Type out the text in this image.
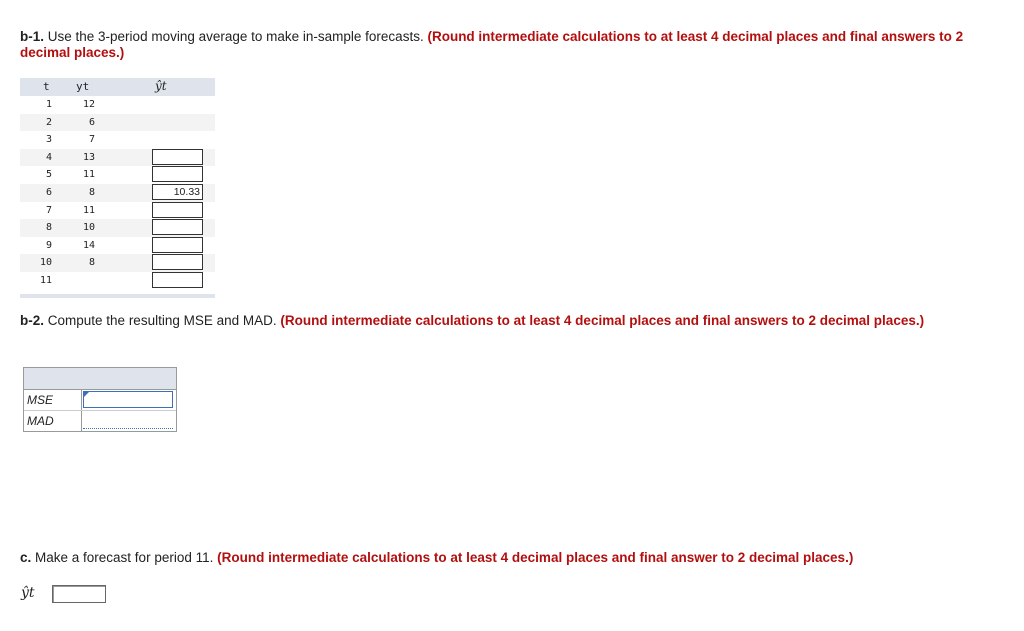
b-1. Use the 3-period moving average to make in-sample forecasts. (Round intermediate calculations to at least 4 decimal places and final answers to 2 decimal places.)
t yt	ŷt
1	12
2	6
3	7
4	13
5	11
6	8	10.33
7	11
8	10
9	14
10	8
11
b-2. Compute the resulting MSE and MAD. (Round intermediate calculations to at least 4 decimal places and final answers to 2 decimal places.)
MSE
MAD
c. Make a forecast for period 11. (Round intermediate calculations to at least 4 decimal places and final answer to 2 decimal places.)
ŷt
